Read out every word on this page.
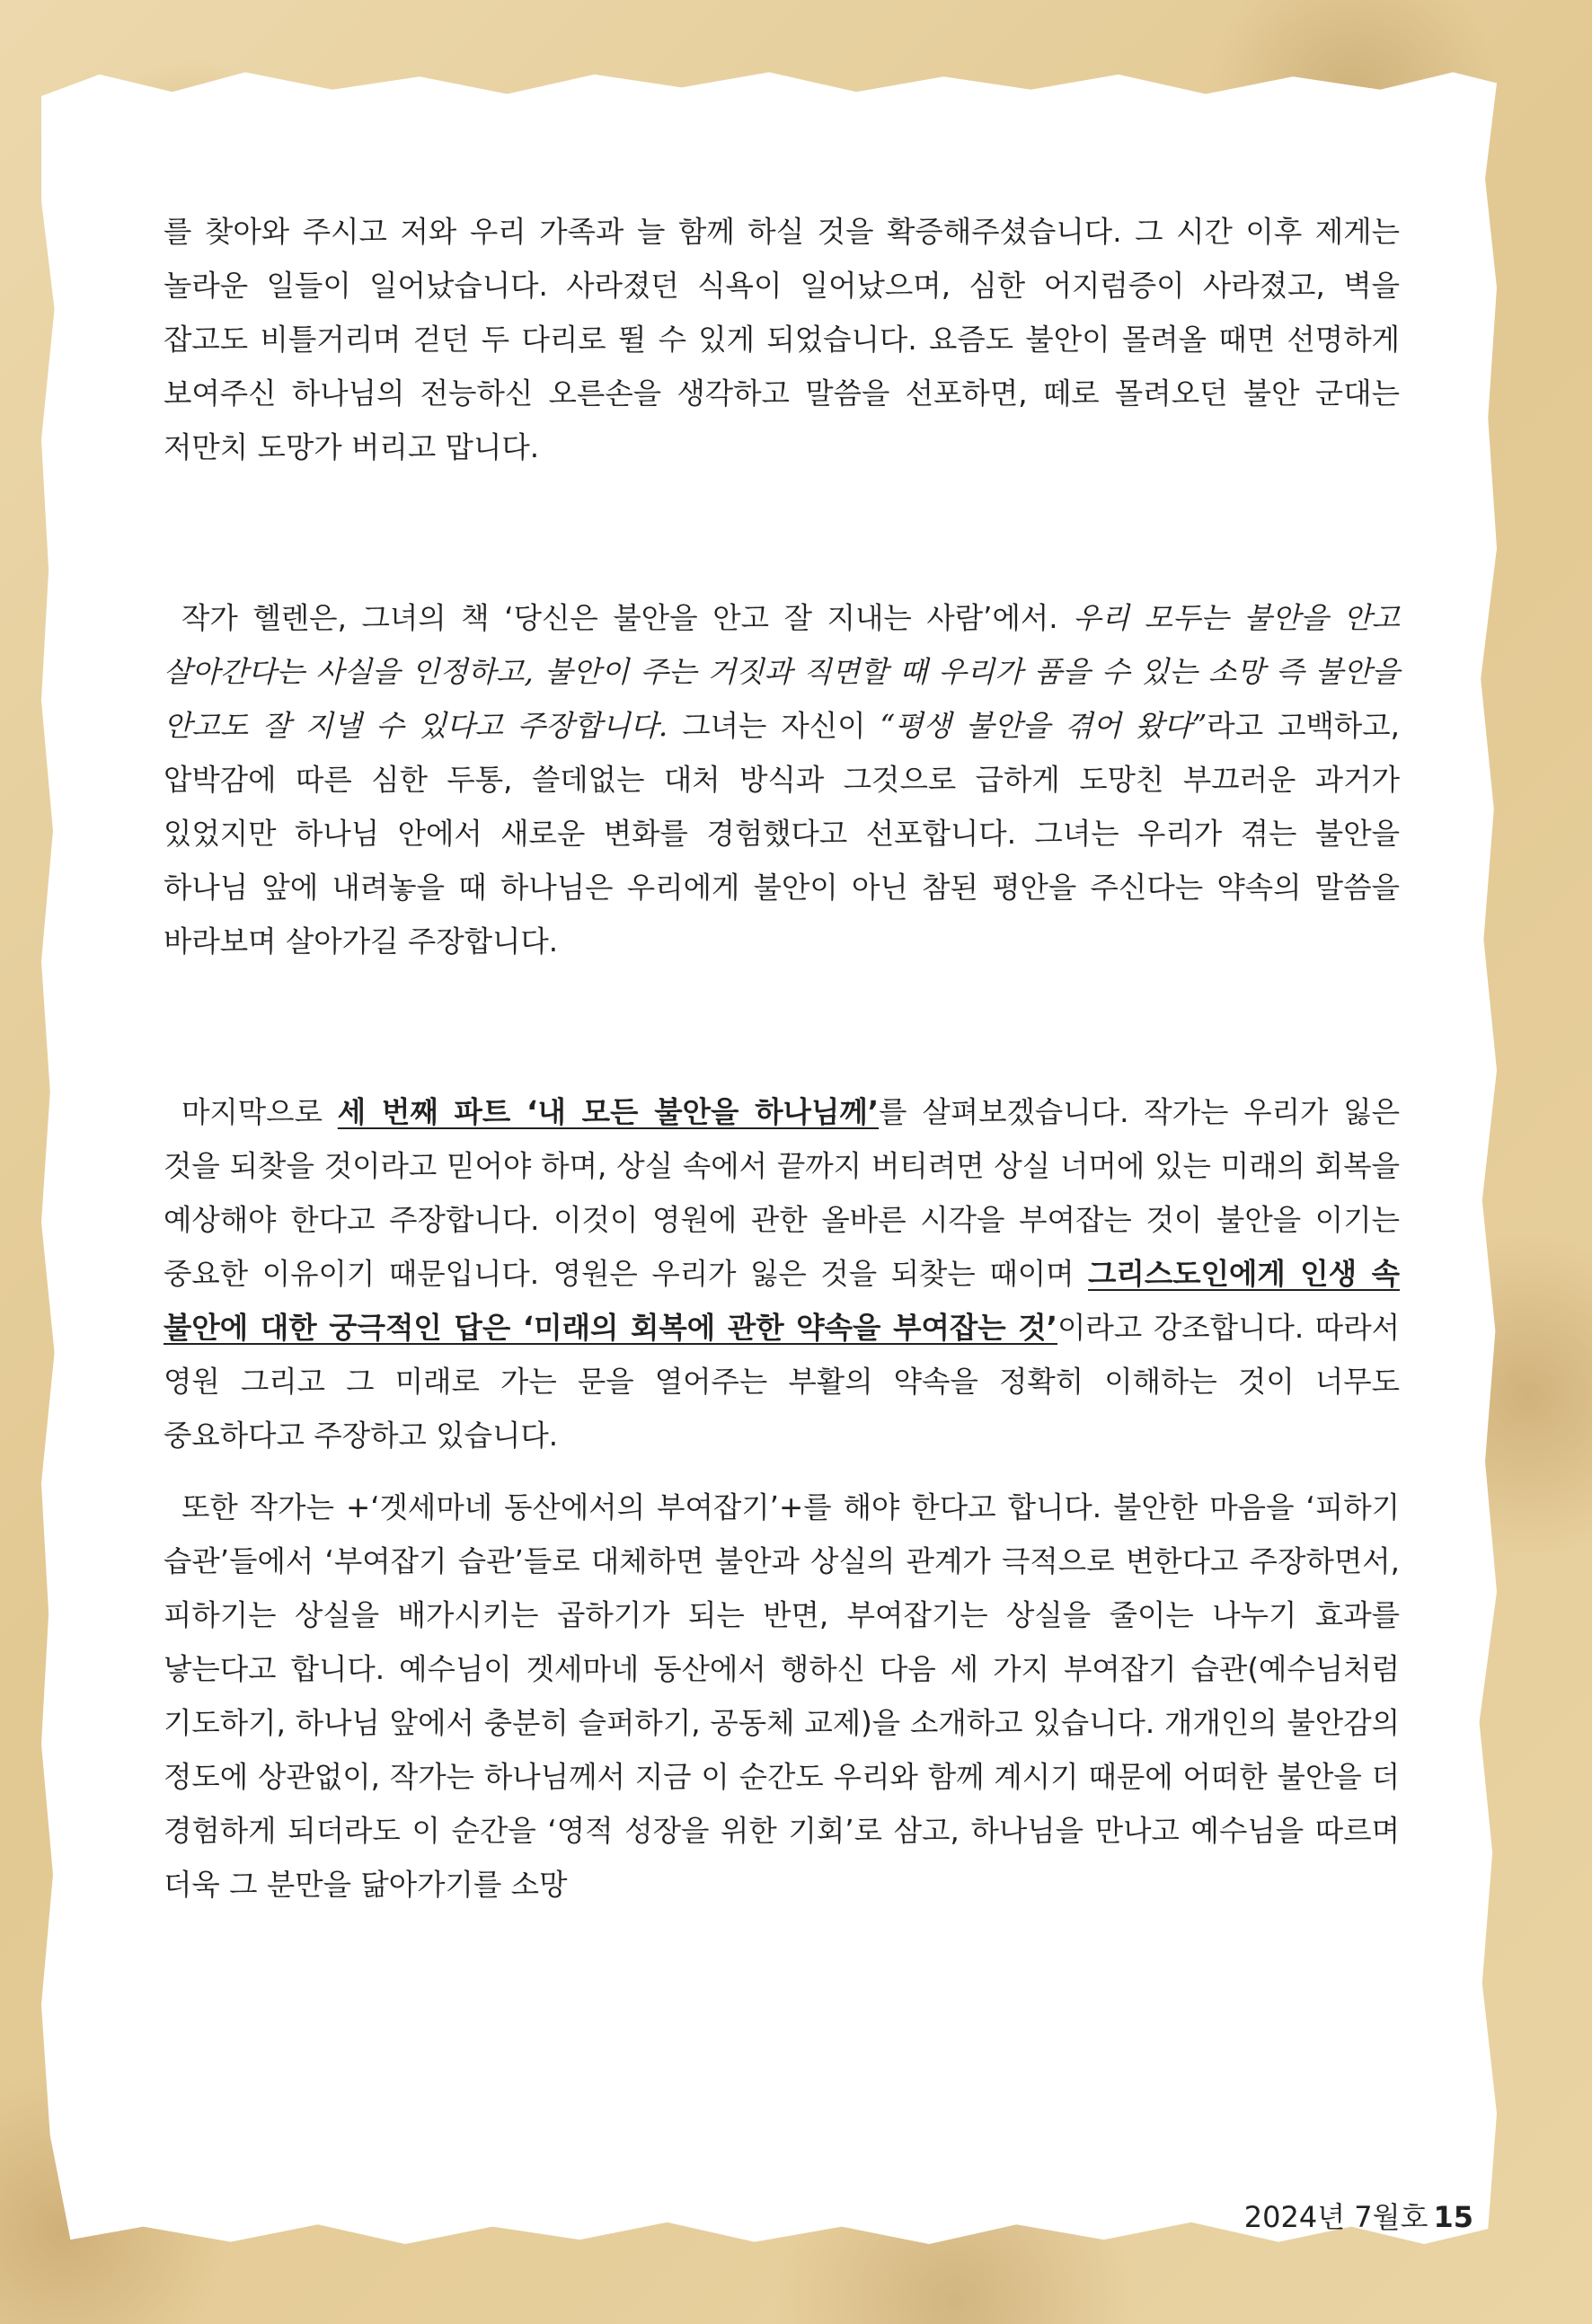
를 찾아와 주시고 저와 우리 가족과 늘 함께 하실 것을 확증해주셨습니다. 그 시간 이후 제게는 놀라운 일들이 일어났습니다. 사라졌던 식욕이 일어났으며, 심한 어지럼증이 사라졌고, 벽을 잡고도 비틀거리며 걷던 두 다리로 뛸 수 있게 되었습니다. 요즘도 불안이 몰려올 때면 선명하게 보여주신 하나님의 전능하신 오른손을 생각하고 말씀을 선포하면, 떼로 몰려오던 불안 군대는 저만치 도망가 버리고 맙니다.

작가 헬렌은, 그녀의 책 ‘당신은 불안을 안고 잘 지내는 사람’에서. 우리 모두는 불안을 안고 살아간다는 사실을 인정하고, 불안이 주는 거짓과 직면할 때 우리가 품을 수 있는 소망 즉 불안을 안고도 잘 지낼 수 있다고 주장합니다. 그녀는 자신이 “평생 불안을 겪어 왔다”라고 고백하고, 압박감에 따른 심한 두통, 쓸데없는 대처 방식과 그것으로 급하게 도망친 부끄러운 과거가 있었지만 하나님 안에서 새로운 변화를 경험했다고 선포합니다. 그녀는 우리가 겪는 불안을 하나님 앞에 내려놓을 때 하나님은 우리에게 불안이 아닌 참된 평안을 주신다는 약속의 말씀을 바라보며 살아가길 주장합니다.

마지막으로 세 번째 파트 ‘내 모든 불안을 하나님께’를 살펴보겠습니다. 작가는 우리가 잃은 것을 되찾을 것이라고 믿어야 하며, 상실 속에서 끝까지 버티려면 상실 너머에 있는 미래의 회복을 예상해야 한다고 주장합니다. 이것이 영원에 관한 올바른 시각을 부여잡는 것이 불안을 이기는 중요한 이유이기 때문입니다. 영원은 우리가 잃은 것을 되찾는 때이며 그리스도인에게 인생 속 불안에 대한 궁극적인 답은 ‘미래의 회복에 관한 약속을 부여잡는 것’이라고 강조합니다. 따라서 영원 그리고 그 미래로 가는 문을 열어주는 부활의 약속을 정확히 이해하는 것이 너무도 중요하다고 주장하고 있습니다.

또한 작가는 +‘겟세마네 동산에서의 부여잡기’+를 해야 한다고 합니다. 불안한 마음을 ‘피하기 습관’들에서 ‘부여잡기 습관’들로 대체하면 불안과 상실의 관계가 극적으로 변한다고 주장하면서, 피하기는 상실을 배가시키는 곱하기가 되는 반면, 부여잡기는 상실을 줄이는 나누기 효과를 낳는다고 합니다. 예수님이 겟세마네 동산에서 행하신 다음 세 가지 부여잡기 습관(예수님처럼 기도하기, 하나님 앞에서 충분히 슬퍼하기, 공동체 교제)을 소개하고 있습니다. 개개인의 불안감의 정도에 상관없이, 작가는 하나님께서 지금 이 순간도 우리와 함께 계시기 때문에 어떠한 불안을 더 경험하게 되더라도 이 순간을 ‘영적 성장을 위한 기회’로 삼고, 하나님을 만나고 예수님을 따르며 더욱 그 분만을 닮아가기를 소망

2024년 7월호 15
